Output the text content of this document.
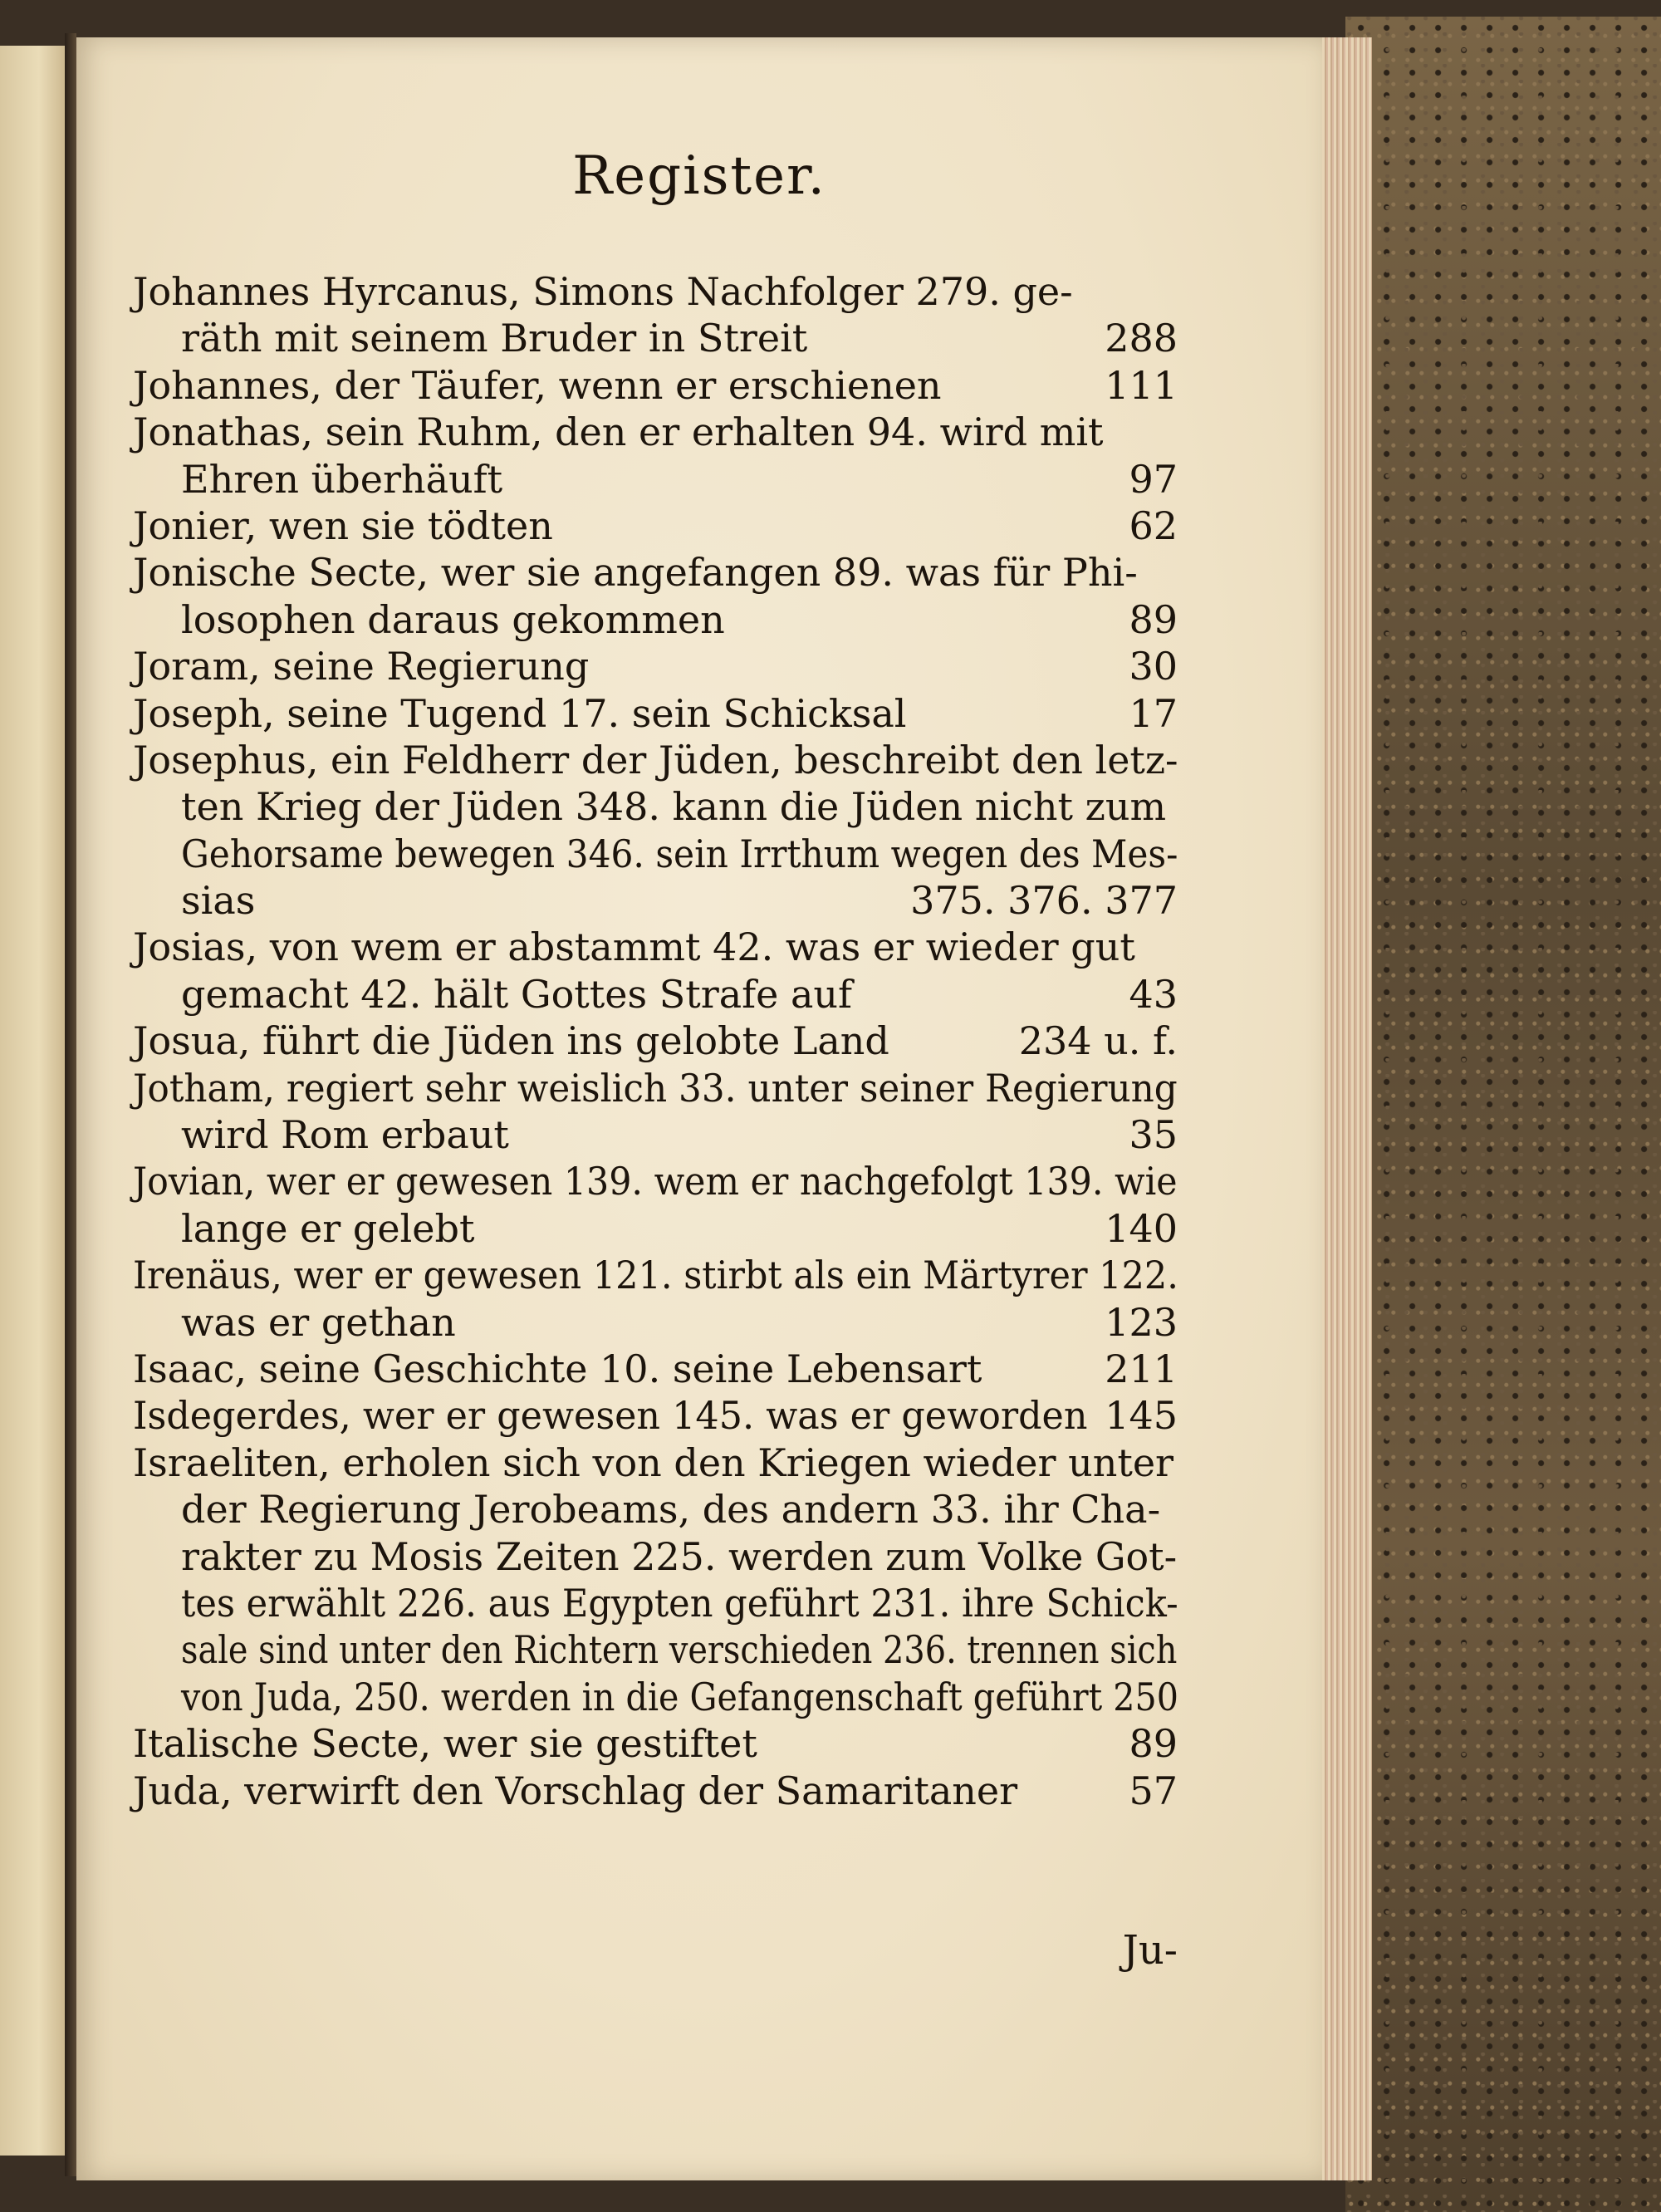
Register.
Johannes Hyrcanus, Simons Nachfolger 279. ge-
räth mit seinem Bruder in Streit	288
Johannes, der Täufer, wenn er erschienen	111
Jonathas, sein Ruhm, den er erhalten 94. wird mit
Ehren überhäuft	97
Jonier, wen sie tödten	62
Jonische Secte, wer sie angefangen 89. was für Phi-
losophen daraus gekommen	89
Joram, seine Regierung	30
Joseph, seine Tugend 17. sein Schicksal	17
Josephus, ein Feldherr der Jüden, beschreibt den letz-
ten Krieg der Jüden 348. kann die Jüden nicht zum
Gehorsame bewegen 346. sein Irrthum wegen des Mes-
sias	375. 376. 377
Josias, von wem er abstammt 42. was er wieder gut
gemacht 42. hält Gottes Strafe auf	43
Josua, führt die Jüden ins gelobte Land	234 u. f.
Jotham, regiert sehr weislich 33. unter seiner Regierung
wird Rom erbaut	35
Jovian, wer er gewesen 139. wem er nachgefolgt 139. wie
lange er gelebt	140
Irenäus, wer er gewesen 121. stirbt als ein Märtyrer 122.
was er gethan	123
Isaac, seine Geschichte 10. seine Lebensart	211
Isdegerdes, wer er gewesen 145. was er geworden 145
Israeliten, erholen sich von den Kriegen wieder unter
der Regierung Jerobeams, des andern 33. ihr Cha-
rakter zu Mosis Zeiten 225. werden zum Volke Got-
tes erwählt 226. aus Egypten geführt 231. ihre Schick-
sale sind unter den Richtern verschieden 236. trennen sich
von Juda, 250. werden in die Gefangenschaft geführt 250
Italische Secte, wer sie gestiftet	89
Juda, verwirft den Vorschlag der Samaritaner	57
Ju-
